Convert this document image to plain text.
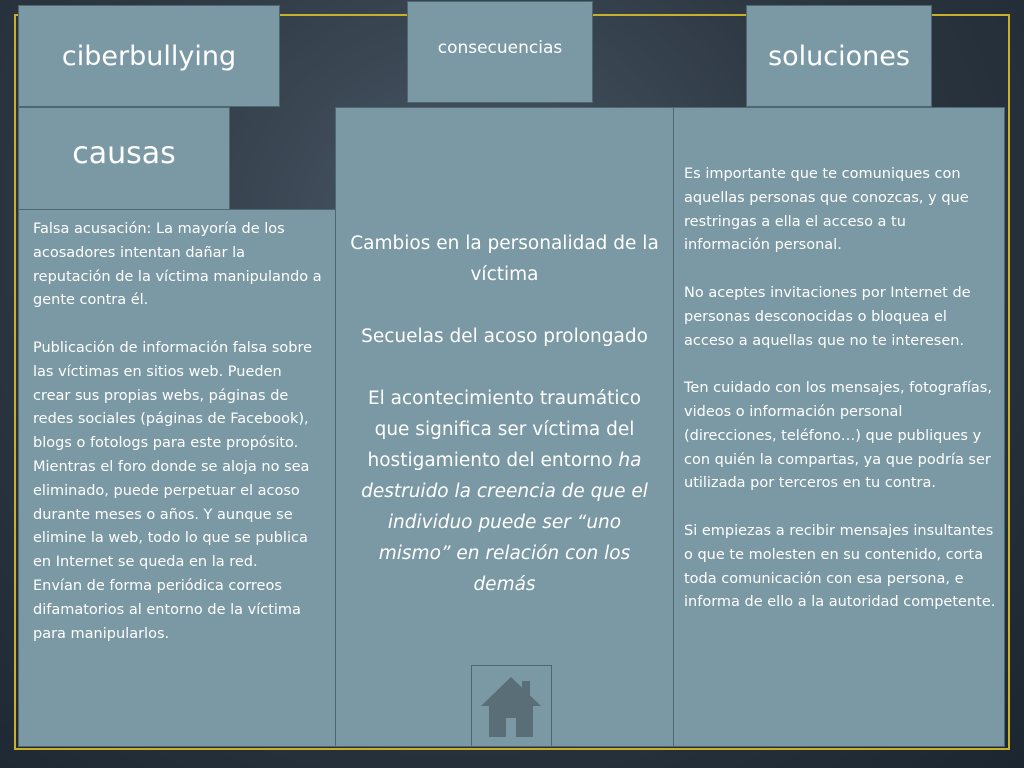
ciberbullying	consecuencias	soluciones
causas

Falsa acusación: La mayoría de los acosadores intentan dañar la reputación de la víctima manipulando a gente contra él.

Publicación de información falsa sobre las víctimas en sitios web. Pueden crear sus propias webs, páginas de redes sociales (páginas de Facebook), blogs o fotologs para este propósito. Mientras el foro donde se aloja no sea eliminado, puede perpetuar el acoso durante meses o años. Y aunque se elimine la web, todo lo que se publica en Internet se queda en la red.

Envían de forma periódica correos difamatorios al entorno de la víctima para manipularlos.

Cambios en la personalidad de la víctima

Secuelas del acoso prolongado

El acontecimiento traumático que significa ser víctima del hostigamiento del entorno ha destruido la creencia de que el individuo puede ser “uno mismo” en relación con los demás

Es importante que te comuniques con aquellas personas que conozcas, y que restringas a ella el acceso a tu información personal.

No aceptes invitaciones por Internet de personas desconocidas o bloquea el acceso a aquellas que no te interesen.

Ten cuidado con los mensajes, fotografías, videos o información personal (direcciones, teléfono…) que publiques y con quién la compartas, ya que podría ser utilizada por terceros en tu contra.

Si empiezas a recibir mensajes insultantes o que te molesten en su contenido, corta toda comunicación con esa persona, e informa de ello a la autoridad competente.
